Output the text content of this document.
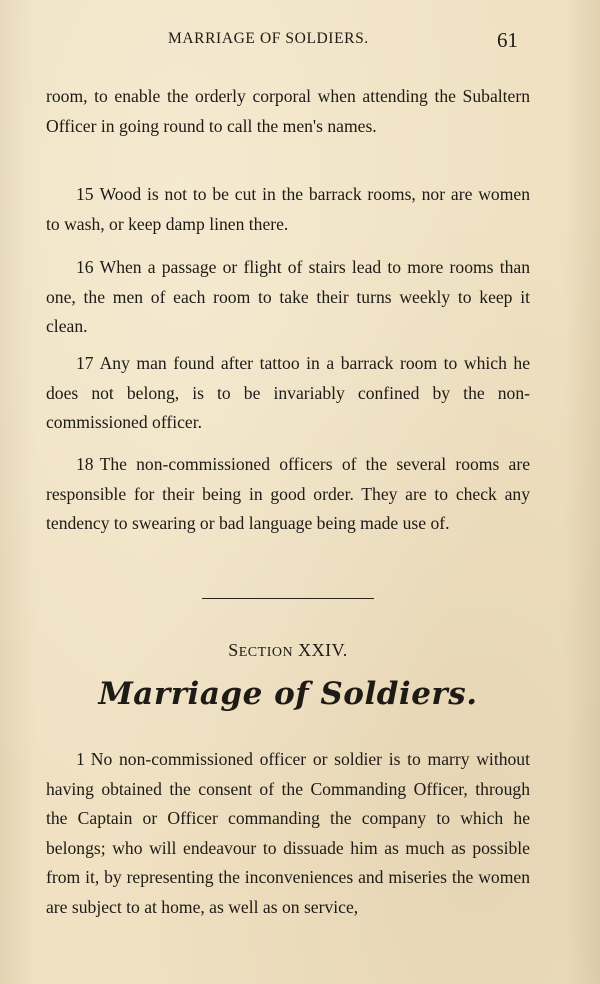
MARRIAGE OF SOLDIERS.	61

room, to enable the orderly corporal when attending the Subaltern Officer in going round to call the men's names.

15 Wood is not to be cut in the barrack rooms, nor are women to wash, or keep damp linen there.

16 When a passage or flight of stairs lead to more rooms than one, the men of each room to take their turns weekly to keep it clean.

17 Any man found after tattoo in a barrack room to which he does not belong, is to be invariably confined by the non-commissioned officer.

18 The non-commissioned officers of the several rooms are responsible for their being in good order. They are to check any tendency to swearing or bad language being made use of.

SECTION XXIV.
Marriage of Soldiers.

1 No non-commissioned officer or soldier is to marry without having obtained the consent of the Commanding Officer, through the Captain or Officer commanding the company to which he belongs; who will endeavour to dissuade him as much as possible from it, by representing the inconveniences and miseries the women are subject to at home, as well as on service,
